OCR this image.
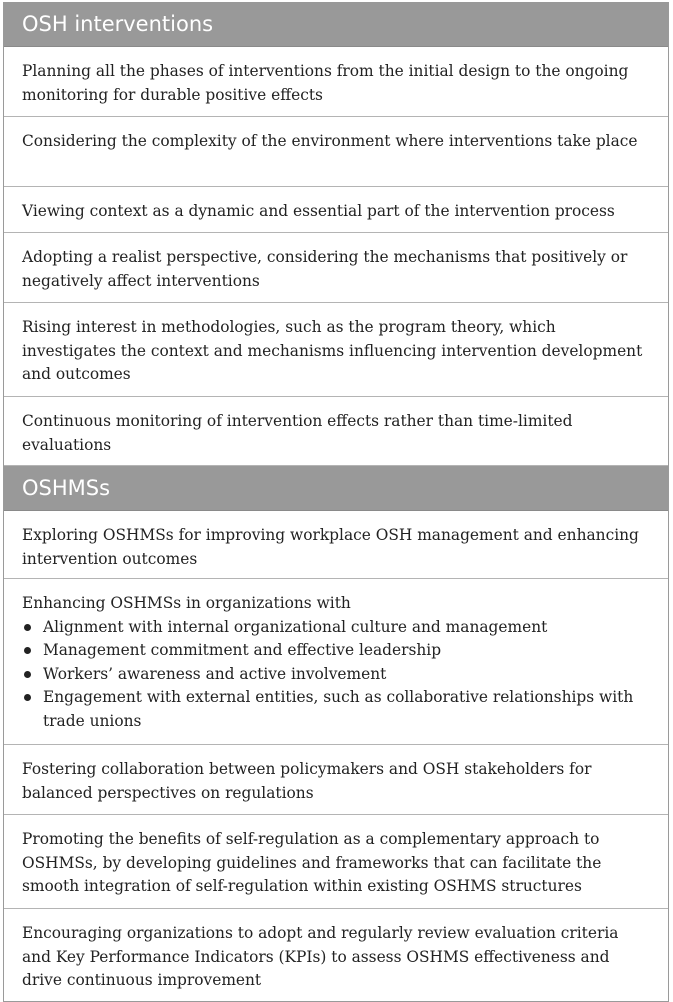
OSH interventions

Planning all the phases of interventions from the initial design to the ongoing monitoring for durable positive effects

Considering the complexity of the environment where interventions take place

Viewing context as a dynamic and essential part of the intervention process

Adopting a realist perspective, considering the mechanisms that positively or negatively affect interventions

Rising interest in methodologies, such as the program theory, which investigates the context and mechanisms influencing intervention development and outcomes

Continuous monitoring of intervention effects rather than time-limited evaluations

OSHMSs

Exploring OSHMSs for improving workplace OSH management and enhancing intervention outcomes

Enhancing OSHMSs in organizations with

Alignment with internal organizational culture and management
Management commitment and effective leadership
Workers’ awareness and active involvement
Engagement with external entities, such as collaborative relationships with trade unions

Fostering collaboration between policymakers and OSH stakeholders for balanced perspectives on regulations

Promoting the benefits of self-regulation as a complementary approach to OSHMSs, by developing guidelines and frameworks that can facilitate the smooth integration of self-regulation within existing OSHMS structures

Encouraging organizations to adopt and regularly review evaluation criteria and Key Performance Indicators (KPIs) to assess OSHMS effectiveness and drive continuous improvement
